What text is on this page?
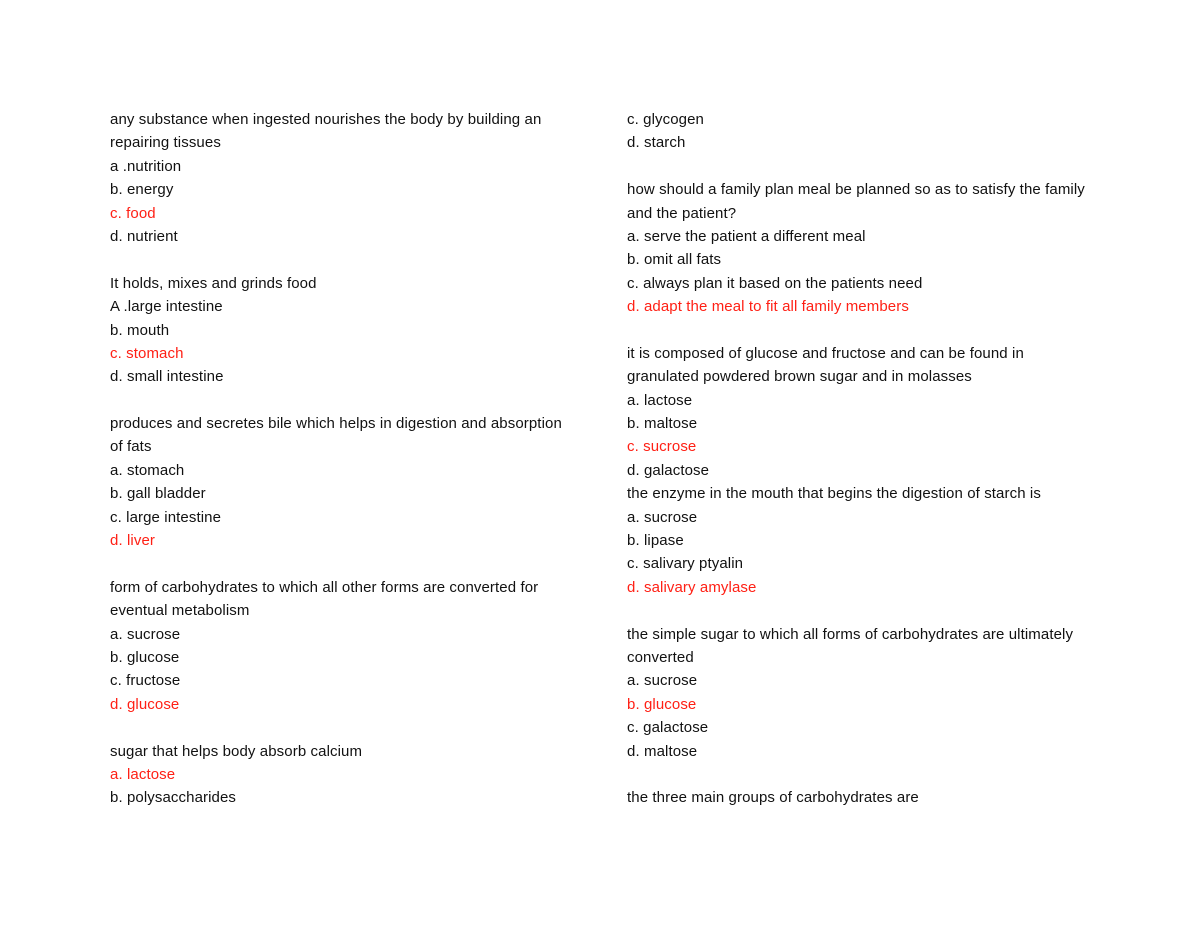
any substance when ingested nourishes the body by building an
repairing tissues
a .nutrition
b. energy
c. food
d. nutrient
It holds, mixes and grinds food
A .large intestine
b. mouth
c. stomach
d. small intestine
produces and secretes bile which helps in digestion and absorption
of fats
a. stomach
b. gall bladder
c. large intestine
d. liver
form of carbohydrates to which all other forms are converted for
eventual metabolism
a. sucrose
b. glucose
c. fructose
d. glucose
sugar that helps body absorb calcium
a. lactose
b. polysaccharides
c. glycogen
d. starch
how should a family plan meal be planned so as to satisfy the family
and the patient?
a. serve the patient a different meal
b. omit all fats
c. always plan it based on the patients need
d. adapt the meal to fit all family members
it is composed of glucose and fructose and can be found in
granulated powdered brown sugar and in molasses
a. lactose
b. maltose
c. sucrose
d. galactose
the enzyme in the mouth that begins the digestion of starch is
a. sucrose
b. lipase
c. salivary ptyalin
d. salivary amylase
the simple sugar to which all forms of carbohydrates are ultimately
converted
a. sucrose
b. glucose
c. galactose
d. maltose
the three main groups of carbohydrates are
